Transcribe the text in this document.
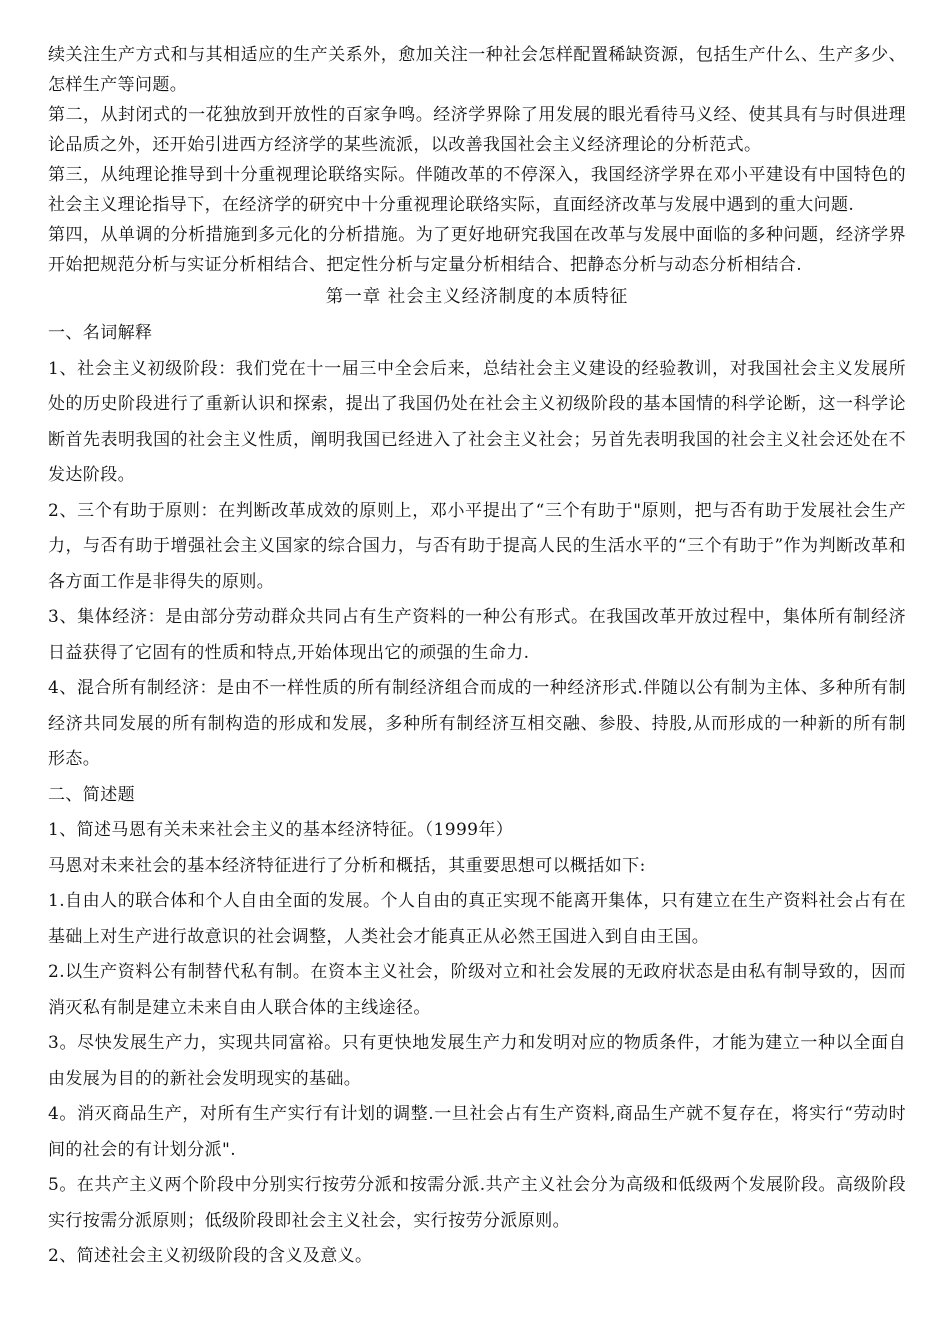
续关注生产方式和与其相适应的生产关系外，愈加关注一种社会怎样配置稀缺资源，包括生产什么、生产多少、怎样生产等问题。

第二，从封闭式的一花独放到开放性的百家争鸣。经济学界除了用发展的眼光看待马义经、使其具有与时俱进理论品质之外，还开始引进西方经济学的某些流派，以改善我国社会主义经济理论的分析范式。

第三，从纯理论推导到十分重视理论联络实际。伴随改革的不停深入，我国经济学界在邓小平建设有中国特色的社会主义理论指导下，在经济学的研究中十分重视理论联络实际，直面经济改革与发展中遇到的重大问题.

第四，从单调的分析措施到多元化的分析措施。为了更好地研究我国在改革与发展中面临的多种问题，经济学界开始把规范分析与实证分析相结合、把定性分析与定量分析相结合、把静态分析与动态分析相结合.

第一章 社会主义经济制度的本质特征

一、名词解释

1、社会主义初级阶段：我们党在十一届三中全会后来，总结社会主义建设的经验教训，对我国社会主义发展所处的历史阶段进行了重新认识和探索，提出了我国仍处在社会主义初级阶段的基本国情的科学论断，这一科学论断首先表明我国的社会主义性质，阐明我国已经进入了社会主义社会；另首先表明我国的社会主义社会还处在不发达阶段。

2、三个有助于原则：在判断改革成效的原则上，邓小平提出了“三个有助于"原则，把与否有助于发展社会生产力，与否有助于增强社会主义国家的综合国力，与否有助于提高人民的生活水平的“三个有助于”作为判断改革和各方面工作是非得失的原则。

3、集体经济：是由部分劳动群众共同占有生产资料的一种公有形式。在我国改革开放过程中，集体所有制经济日益获得了它固有的性质和特点,开始体现出它的顽强的生命力.

4、混合所有制经济：是由不一样性质的所有制经济组合而成的一种经济形式.伴随以公有制为主体、多种所有制经济共同发展的所有制构造的形成和发展，多种所有制经济互相交融、参股、持股,从而形成的一种新的所有制形态。

二、简述题

1、简述马恩有关未来社会主义的基本经济特征。（1999年）

马恩对未来社会的基本经济特征进行了分析和概括，其重要思想可以概括如下:

1.自由人的联合体和个人自由全面的发展。个人自由的真正实现不能离开集体，只有建立在生产资料社会占有在基础上对生产进行故意识的社会调整，人类社会才能真正从必然王国进入到自由王国。

2.以生产资料公有制替代私有制。在资本主义社会，阶级对立和社会发展的无政府状态是由私有制导致的，因而消灭私有制是建立未来自由人联合体的主线途径。

3。尽快发展生产力，实现共同富裕。只有更快地发展生产力和发明对应的物质条件，才能为建立一种以全面自由发展为目的的新社会发明现实的基础。

4。消灭商品生产，对所有生产实行有计划的调整.一旦社会占有生产资料,商品生产就不复存在，将实行“劳动时间的社会的有计划分派".

5。在共产主义两个阶段中分别实行按劳分派和按需分派.共产主义社会分为高级和低级两个发展阶段。高级阶段实行按需分派原则；低级阶段即社会主义社会，实行按劳分派原则。

2、简述社会主义初级阶段的含义及意义。
